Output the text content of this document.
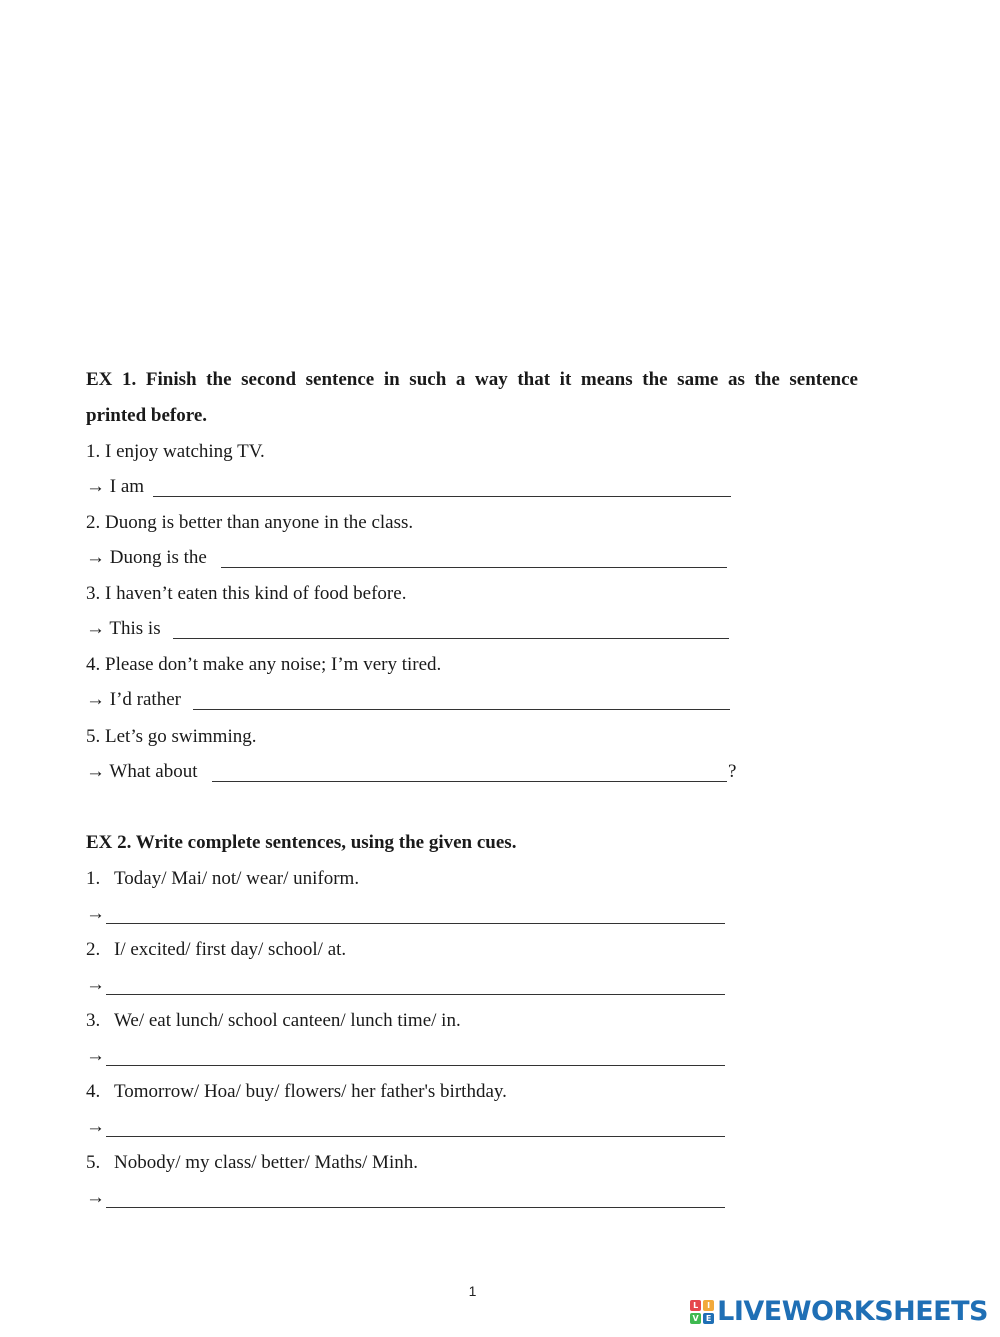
EX 1. Finish the second sentence in such a way that it means the same as the sentence
printed before.
1. I enjoy watching TV.
→ I am
2. Duong is better than anyone in the class.
→ Duong is the
3. I haven’t eaten this kind of food before.
→ This is
4. Please don’t make any noise; I’m very tired.
→ I’d rather
5. Let’s go swimming.
→ What about	?
EX 2. Write complete sentences, using the given cues.
1. Today/ Mai/ not/ wear/ uniform.
→
2. I/ excited/ first day/ school/ at.
→
3. We/ eat lunch/ school canteen/ lunch time/ in.
→
4. Tomorrow/ Hoa/ buy/ flowers/ her father's birthday.
→
5. Nobody/ my class/ better/ Maths/ Minh.
→
1
L	I
V E LIVEWORKSHEETS
